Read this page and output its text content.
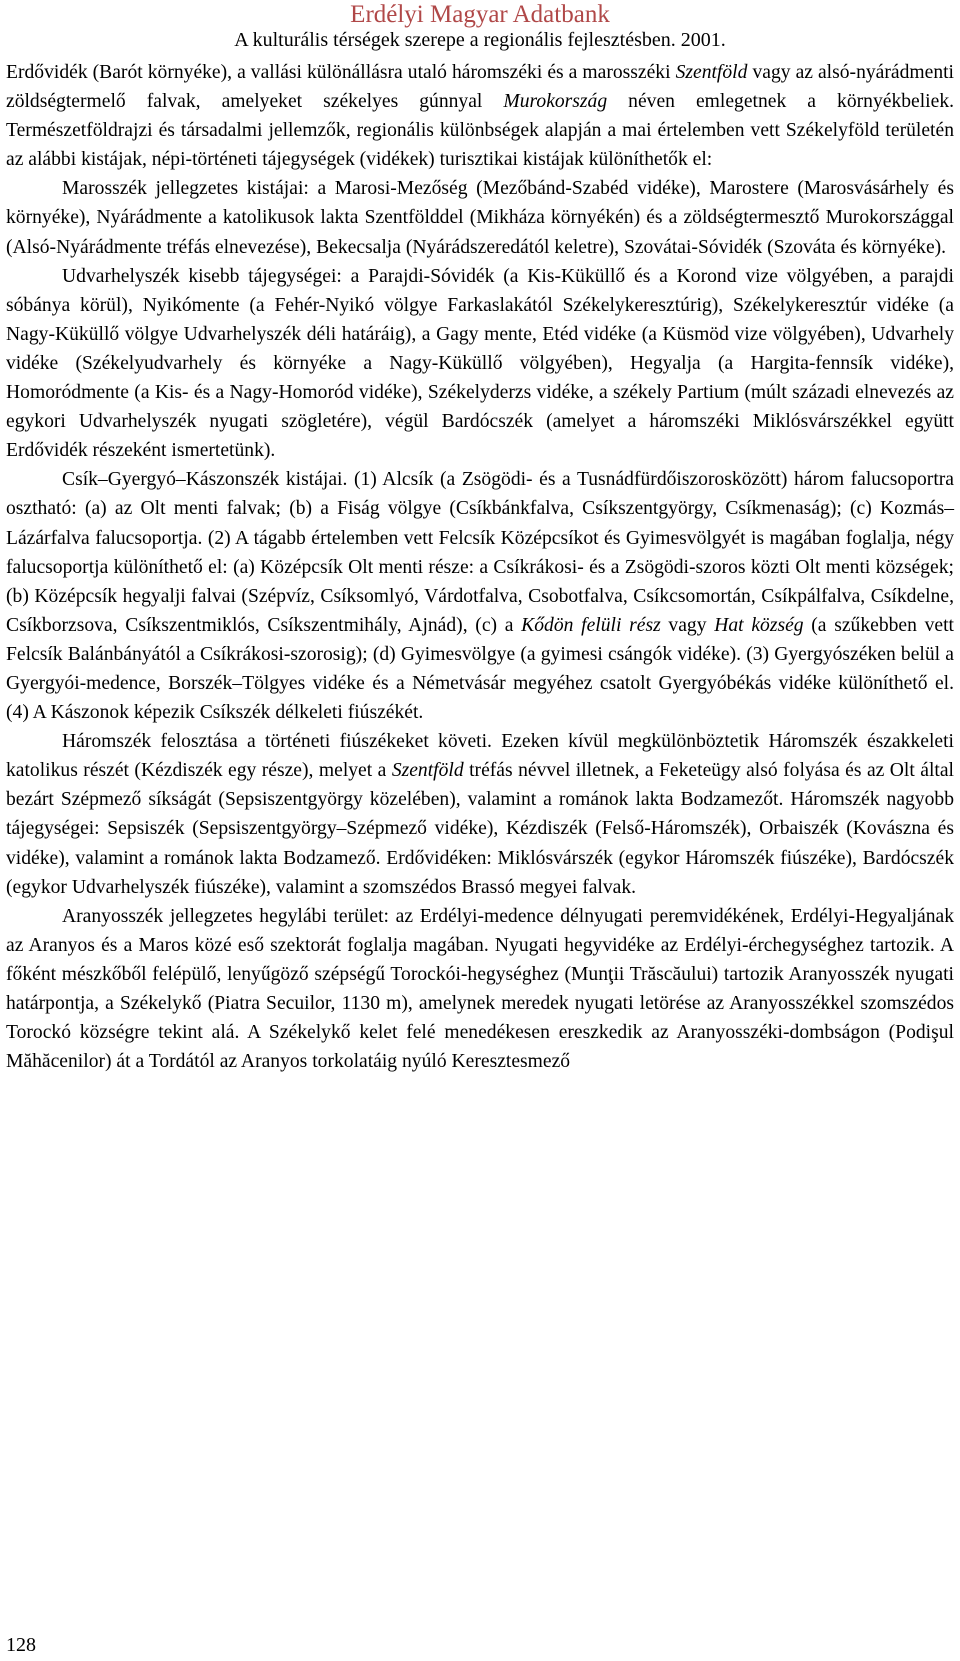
Erdélyi Magyar Adatbank
A kulturális térségek szerepe a regionális fejlesztésben. 2001.

Erdővidék (Barót környéke), a vallási különállásra utaló háromszéki és a marosszéki Szentföld vagy az alsó-nyárádmenti zöldségtermelő falvak, amelyeket székelyes gúnnyal Murokország néven emlegetnek a környékbeliek. Természetföldrajzi és társadalmi jellemzők, regionális különbségek alapján a mai értelemben vett Székelyföld területén az alábbi kistájak, népi-történeti tájegységek (vidékek) turisztikai kistájak különíthetők el:

Marosszék jellegzetes kistájai: a Marosi-Mezőség (Mezőbánd-Szabéd vidéke), Marostere (Marosvásárhely és környéke), Nyárádmente a katolikusok lakta Szentfölddel (Mikháza környékén) és a zöldségtermesztő Murokországgal (Alsó-Nyárádmente tréfás elnevezése), Bekecsalja (Nyárádszeredától keletre), Szovátai-Sóvidék (Szováta és környéke).

Udvarhelyszék kisebb tájegységei: a Parajdi-Sóvidék (a Kis-Küküllő és a Korond vize völgyében, a parajdi sóbánya körül), Nyikómente (a Fehér-Nyikó völgye Farkaslakától Székelykeresztúrig), Székelykeresztúr vidéke (a Nagy-Küküllő völgye Udvarhelyszék déli határáig), a Gagy mente, Etéd vidéke (a Küsmöd vize völgyében), Udvarhely vidéke (Székelyudvarhely és környéke a Nagy-Küküllő völgyében), Hegyalja (a Hargita-fennsík vidéke), Homoródmente (a Kis- és a Nagy-Homoród vidéke), Székelyderzs vidéke, a székely Partium (múlt századi elnevezés az egykori Udvarhelyszék nyugati szögletére), végül Bardócszék (amelyet a háromszéki Miklósvárszékkel együtt Erdővidék részeként ismertetünk).

Csík–Gyergyó–Kászonszék kistájai. (1) Alcsík (a Zsögödi- és a Tusnádfürdőiszorosközött) három falucsoportra osztható: (a) az Olt menti falvak; (b) a Fiság völgye (Csíkbánkfalva, Csíkszentgyörgy, Csíkmenaság); (c) Kozmás–Lázárfalva falucsoportja. (2) A tágabb értelemben vett Felcsík Középcsíkot és Gyimesvölgyét is magában foglalja, négy falucsoportja különíthető el: (a) Középcsík Olt menti része: a Csíkrákosi- és a Zsögödi-szoros közti Olt menti községek; (b) Középcsík hegyalji falvai (Szépvíz, Csíksomlyó, Várdotfalva, Csobotfalva, Csíkcsomortán, Csíkpálfalva, Csíkdelne, Csíkborzsova, Csíkszentmiklós, Csíkszentmihály, Ajnád), (c) a Kődön felüli rész vagy Hat község (a szűkebben vett Felcsík Balánbányától a Csíkrákosi-szorosig); (d) Gyimesvölgye (a gyimesi csángók vidéke). (3) Gyergyószéken belül a Gyergyói-medence, Borszék–Tölgyes vidéke és a Németvásár megyéhez csatolt Gyergyóbékás vidéke különíthető el. (4) A Kászonok képezik Csíkszék délkeleti fiúszékét.

Háromszék felosztása a történeti fiúszékeket követi. Ezeken kívül megkülönböztetik Háromszék északkeleti katolikus részét (Kézdiszék egy része), melyet a Szentföld tréfás névvel illetnek, a Feketeügy alsó folyása és az Olt által bezárt Szépmező síkságát (Sepsiszentgyörgy közelében), valamint a románok lakta Bodzamezőt. Háromszék nagyobb tájegységei: Sepsiszék (Sepsiszentgyörgy–Szépmező vidéke), Kézdiszék (Felső-Háromszék), Orbaiszék (Kovászna és vidéke), valamint a románok lakta Bodzamező. Erdővidéken: Miklósvárszék (egykor Háromszék fiúszéke), Bardócszék (egykor Udvarhelyszék fiúszéke), valamint a szomszédos Brassó megyei falvak.

Aranyosszék jellegzetes hegylábi terület: az Erdélyi-medence délnyugati peremvidékének, Erdélyi-Hegyaljának az Aranyos és a Maros közé eső szektorát foglalja magában. Nyugati hegyvidéke az Erdélyi-érchegységhez tartozik. A főként mészkőből felépülő, lenyűgöző szépségű Torockói-hegységhez (Munţii Trăscăului) tartozik Aranyosszék nyugati határpontja, a Székelykő (Piatra Secuilor, 1130 m), amelynek meredek nyugati letörése az Aranyosszékkel szomszédos Torockó községre tekint alá. A Székelykő kelet felé menedékesen ereszkedik az Aranyosszéki-dombságon (Podişul Măhăcenilor) át a Tordától az Aranyos torkolatáig nyúló Keresztesmező

128
